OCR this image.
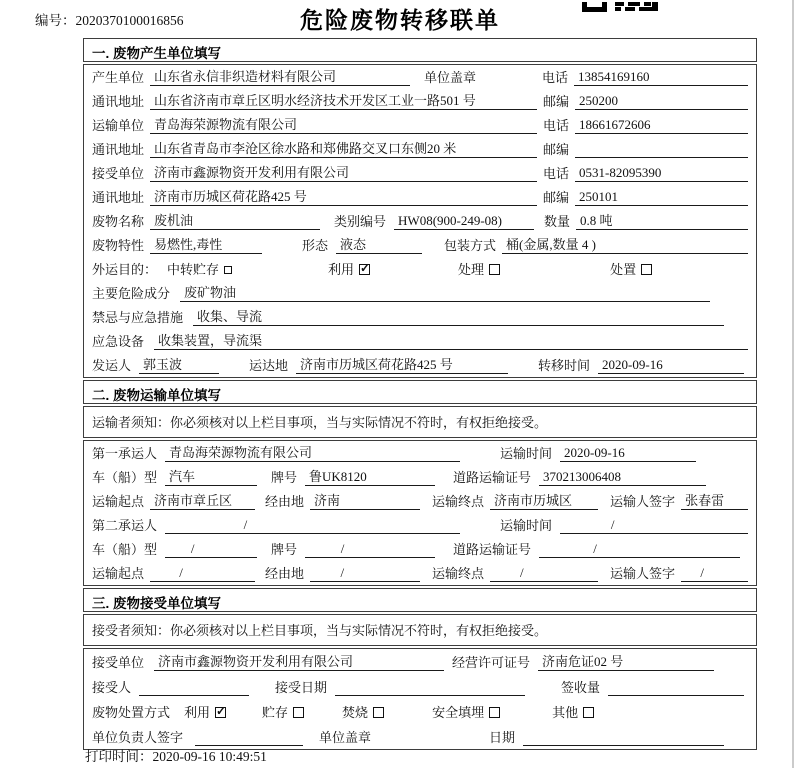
编号：2020370100016856	危险废物转移联单
一. 废物产生单位填写
产生单位 山东省永信非织造材料有限公司	单位盖章	电话 13854169160
通讯地址 山东省济南市章丘区明水经济技术开发区工业一路501 号	邮编 250200
运输单位 青岛海荣源物流有限公司	电话 18661672606
通讯地址 山东省青岛市李沧区徐水路和郑佛路交叉口东侧20 米	邮编
接受单位 济南市鑫源物资开发利用有限公司	电话 0531-82095390
通讯地址 济南市历城区荷花路425 号	邮编 250101
废物名称 废机油	类别编号 HW08(900-249-08)	数量 0.8 吨
废物特性 易燃性,毒性	形态 液态	包装方式 桶(金属,数量 4 )
外运目的： 中转贮存	利用 ✓	处理	处置
主要危险成分	废矿物油
禁忌与应急措施	收集、导流
应急设备	收集装置，导流渠
发运人 郭玉波	运达地 济南市历城区荷花路425 号	转移时间 2020-09-16
二. 废物运输单位填写
运输者须知：你必须核对以上栏目事项，当与实际情况不符时，有权拒绝接受。
第一承运人 青岛海荣源物流有限公司	运输时间 2020-09-16
车（船）型 汽车	牌号 鲁UK8120	道路运输证号 370213006408
运输起点 济南市章丘区	经由地 济南	运输终点 济南市历城区	运输人签字 张春雷
第二承运人	/	运输时间	/
车（船）型	/	牌号	/	道路运输证号	/
运输起点	/	经由地	/	运输终点	/	运输人签字	/
三. 废物接受单位填写
接受者须知：你必须核对以上栏目事项，当与实际情况不符时，有权拒绝接受。
接受单位	济南市鑫源物资开发利用有限公司	经营许可证号 济南危证02 号
接受人	接受日期	签收量
废物处置方式 利用 ✓	贮存	焚烧	安全填埋	其他
单位负责人签字	单位盖章	日期
打印时间：2020-09-16 10:49:51
